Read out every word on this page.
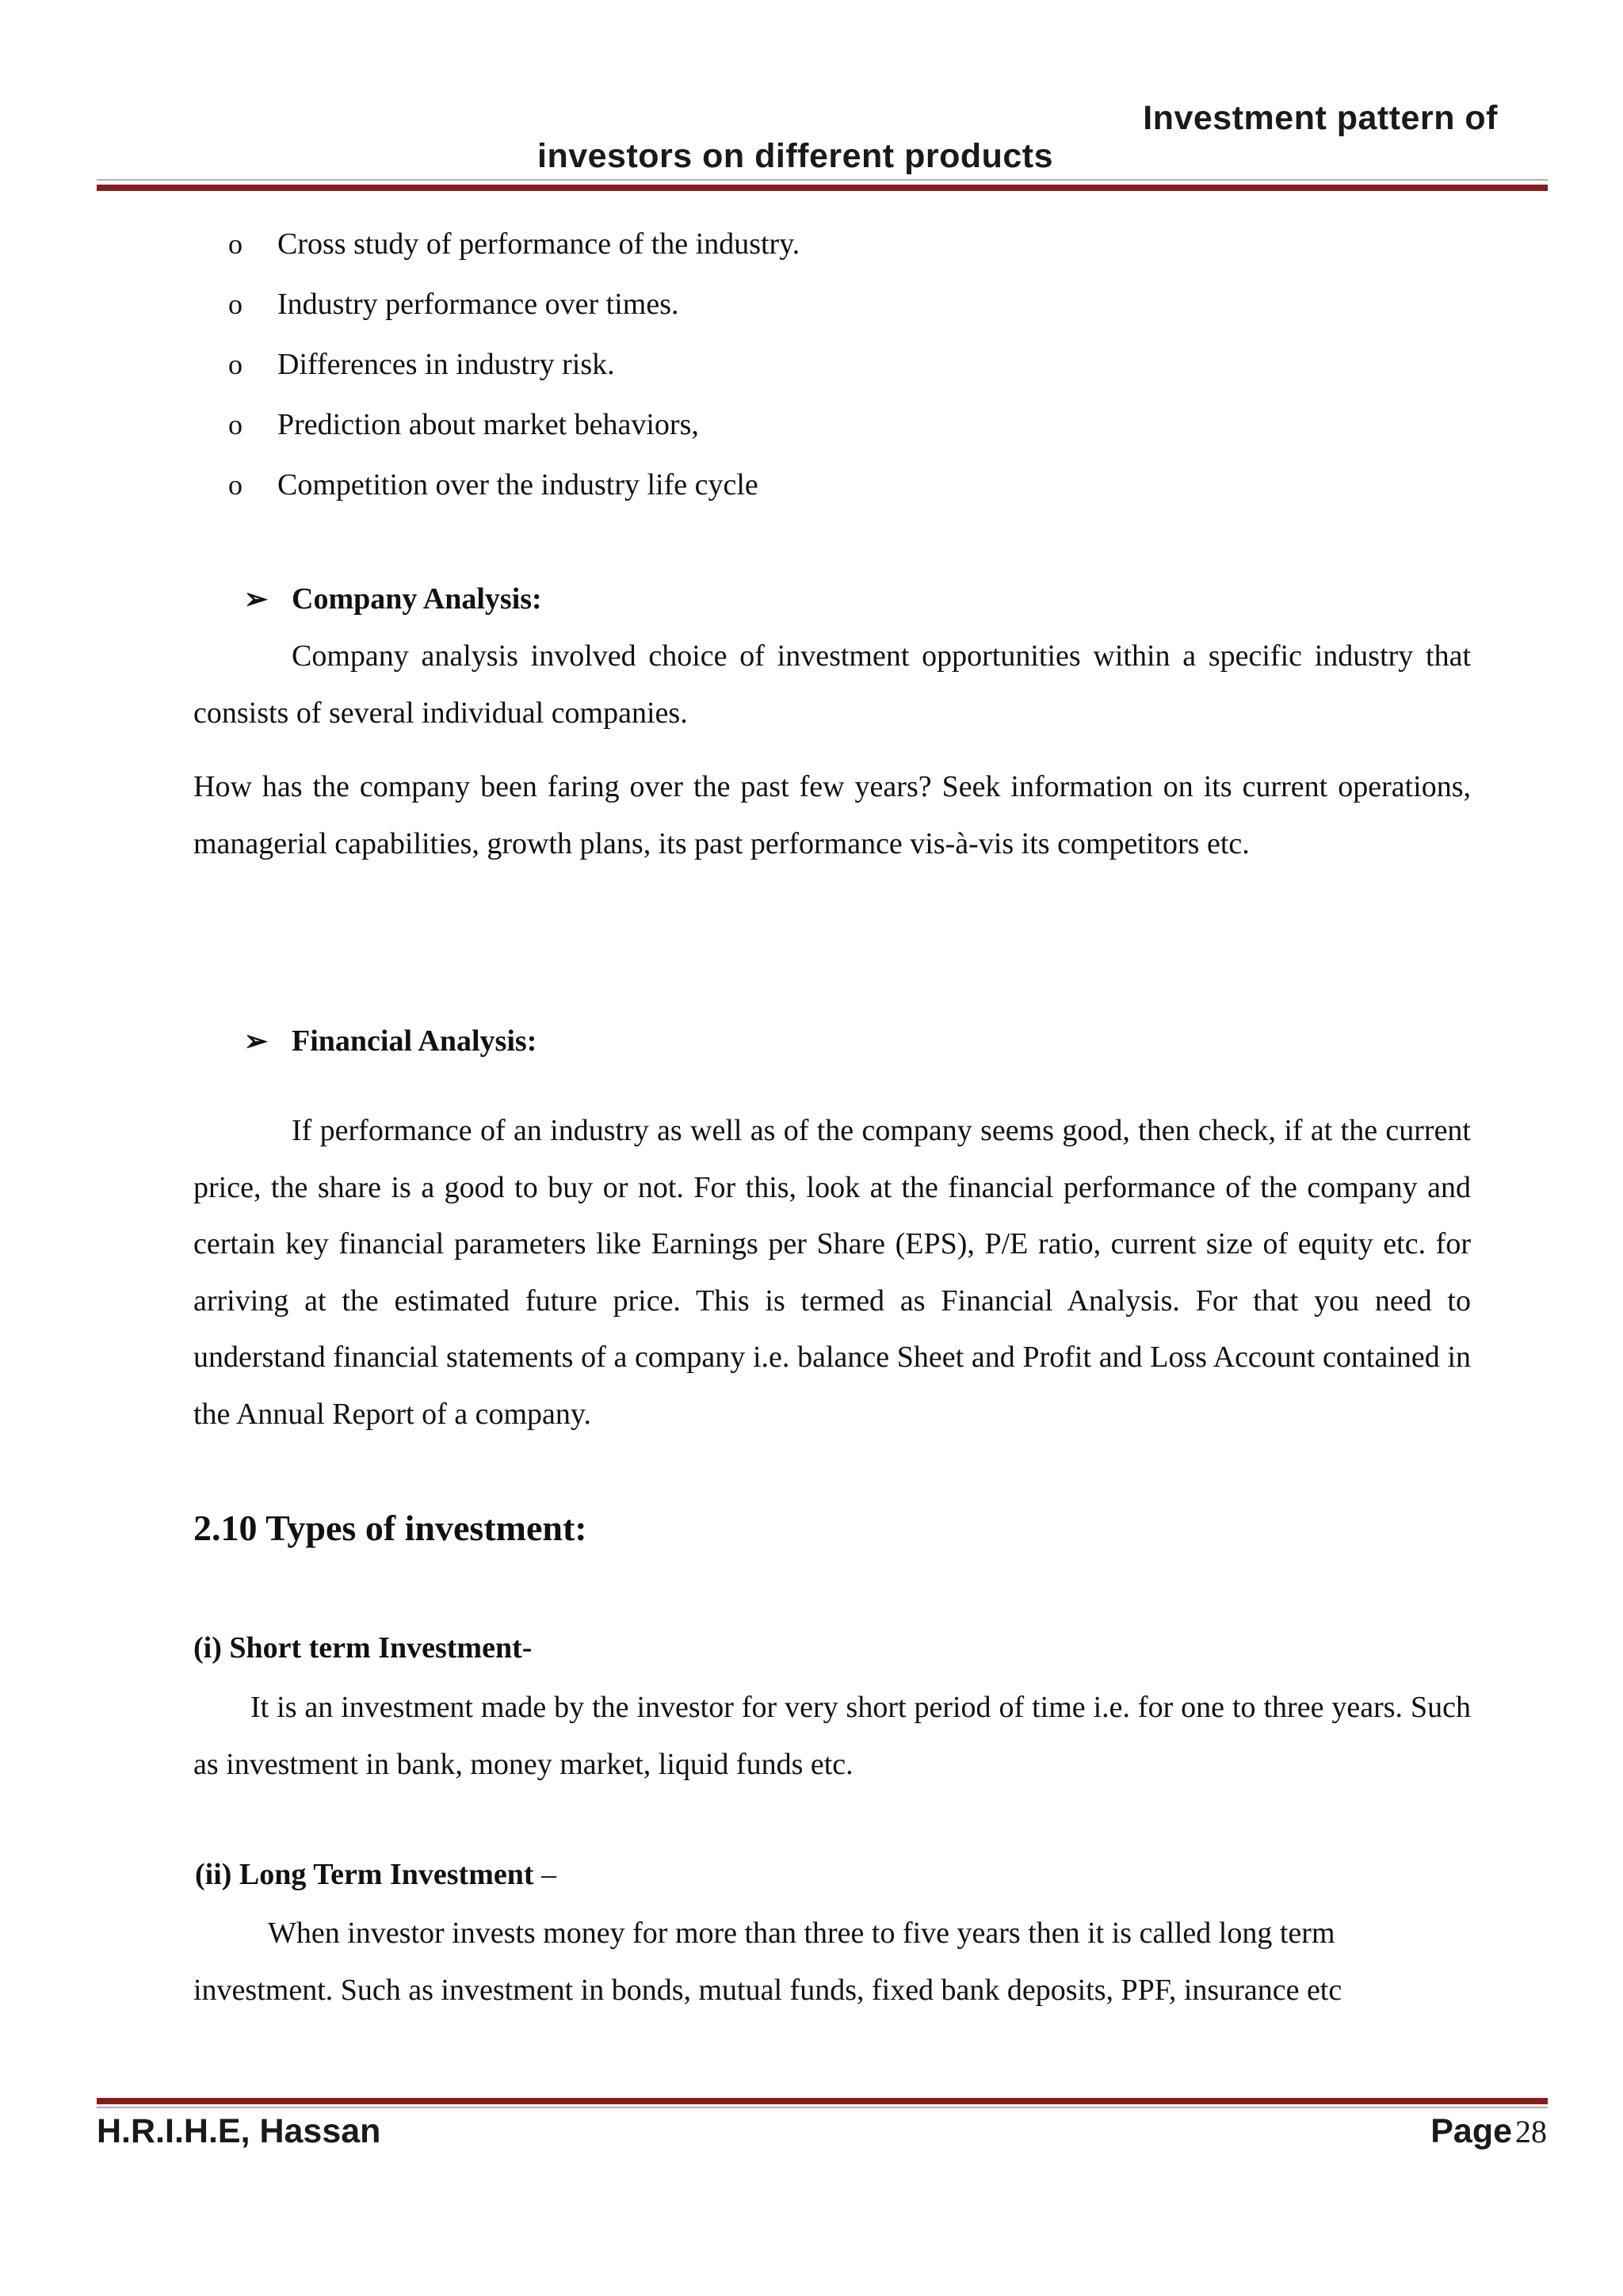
Investment pattern of
investors on different products
o Cross study of performance of the industry.
o Industry performance over times.
o Differences in industry risk.
o Prediction about market behaviors,
o Competition over the industry life cycle
➢ Company Analysis:

Company analysis involved choice of investment opportunities within a specific industry that consists of several individual companies.

How has the company been faring over the past few years? Seek information on its current operations, managerial capabilities, growth plans, its past performance vis-à-vis its competitors etc.

➢ Financial Analysis:

If performance of an industry as well as of the company seems good, then check, if at the current price, the share is a good to buy or not. For this, look at the financial performance of the company and certain key financial parameters like Earnings per Share (EPS), P/E ratio, current size of equity etc. for arriving at the estimated future price. This is termed as Financial Analysis. For that you need to understand financial statements of a company i.e. balance Sheet and Profit and Loss Account contained in the Annual Report of a company.

2.10 Types of investment:
(i) Short term Investment-

It is an investment made by the investor for very short period of time i.e. for one to three years. Such as investment in bank, money market, liquid funds etc.

(ii) Long Term Investment –

When investor invests money for more than three to five years then it is called long term investment. Such as investment in bonds, mutual funds, fixed bank deposits, PPF, insurance etc

H.R.I.H.E, Hassan	Page 28
